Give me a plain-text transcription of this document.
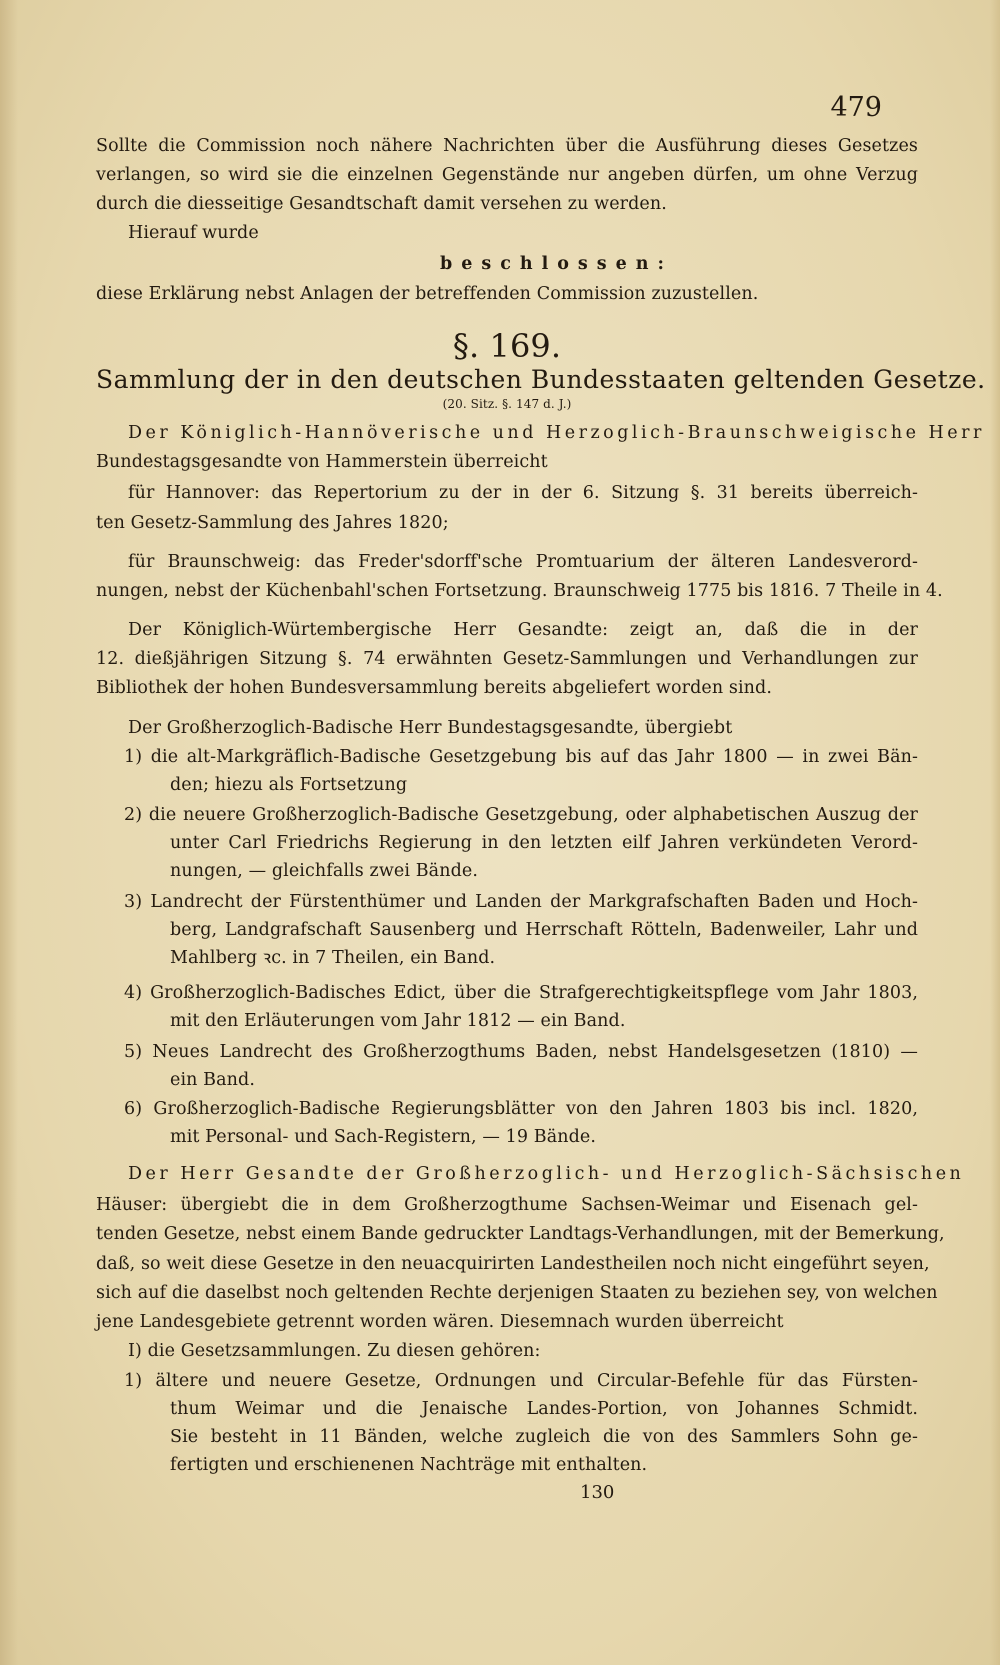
479
Sollte die Commission noch nähere Nachrichten über die Ausführung dieses Gesetzes
verlangen, so wird sie die einzelnen Gegenstände nur angeben dürfen, um ohne Verzug
durch die diesseitige Gesandtschaft damit versehen zu werden.
Hierauf wurde
beschlossen:
diese Erklärung nebst Anlagen der betreffenden Commission zuzustellen.
§. 169.
Sammlung der in den deutschen Bundesstaaten geltenden Gesetze.
(20. Sitz. §. 147 d. J.)
Der Königlich-Hannöverische und Herzoglich-Braunschweigische Herr
Bundestagsgesandte von Hammerstein überreicht
für Hannover: das Repertorium zu der in der 6. Sitzung §. 31 bereits überreich-
ten Gesetz-Sammlung des Jahres 1820;
für Braunschweig: das Freder'sdorff'sche Promtuarium der älteren Landesverord-
nungen, nebst der Küchenbahl'schen Fortsetzung. Braunschweig 1775 bis 1816. 7 Theile in 4.
Der Königlich-Würtembergische Herr Gesandte: zeigt an, daß die in der
12. dießjährigen Sitzung §. 74 erwähnten Gesetz-Sammlungen und Verhandlungen zur
Bibliothek der hohen Bundesversammlung bereits abgeliefert worden sind.
Der Großherzoglich-Badische Herr Bundestagsgesandte, übergiebt
1) die alt-Markgräflich-Badische Gesetzgebung bis auf das Jahr 1800 — in zwei Bän-
den; hiezu als Fortsetzung
2) die neuere Großherzoglich-Badische Gesetzgebung, oder alphabetischen Auszug der
unter Carl Friedrichs Regierung in den letzten eilf Jahren verkündeten Verord-
nungen, — gleichfalls zwei Bände.
3) Landrecht der Fürstenthümer und Landen der Markgrafschaften Baden und Hoch-
berg, Landgrafschaft Sausenberg und Herrschaft Rötteln, Badenweiler, Lahr und
Mahlberg ꝛc. in 7 Theilen, ein Band.
4) Großherzoglich-Badisches Edict, über die Strafgerechtigkeitspflege vom Jahr 1803,
mit den Erläuterungen vom Jahr 1812 — ein Band.
5) Neues Landrecht des Großherzogthums Baden, nebst Handelsgesetzen (1810) —
ein Band.
6) Großherzoglich-Badische Regierungsblätter von den Jahren 1803 bis incl. 1820,
mit Personal- und Sach-Registern, — 19 Bände.
Der Herr Gesandte der Großherzoglich- und Herzoglich-Sächsischen
Häuser: übergiebt die in dem Großherzogthume Sachsen-Weimar und Eisenach gel-
tenden Gesetze, nebst einem Bande gedruckter Landtags-Verhandlungen, mit der Bemerkung,
daß, so weit diese Gesetze in den neuacquirirten Landestheilen noch nicht eingeführt seyen,
sich auf die daselbst noch geltenden Rechte derjenigen Staaten zu beziehen sey, von welchen
jene Landesgebiete getrennt worden wären. Diesemnach wurden überreicht
I) die Gesetzsammlungen. Zu diesen gehören:
1) ältere und neuere Gesetze, Ordnungen und Circular-Befehle für das Fürsten-
thum Weimar und die Jenaische Landes-Portion, von Johannes Schmidt.
Sie besteht in 11 Bänden, welche zugleich die von des Sammlers Sohn ge-
fertigten und erschienenen Nachträge mit enthalten.
130
